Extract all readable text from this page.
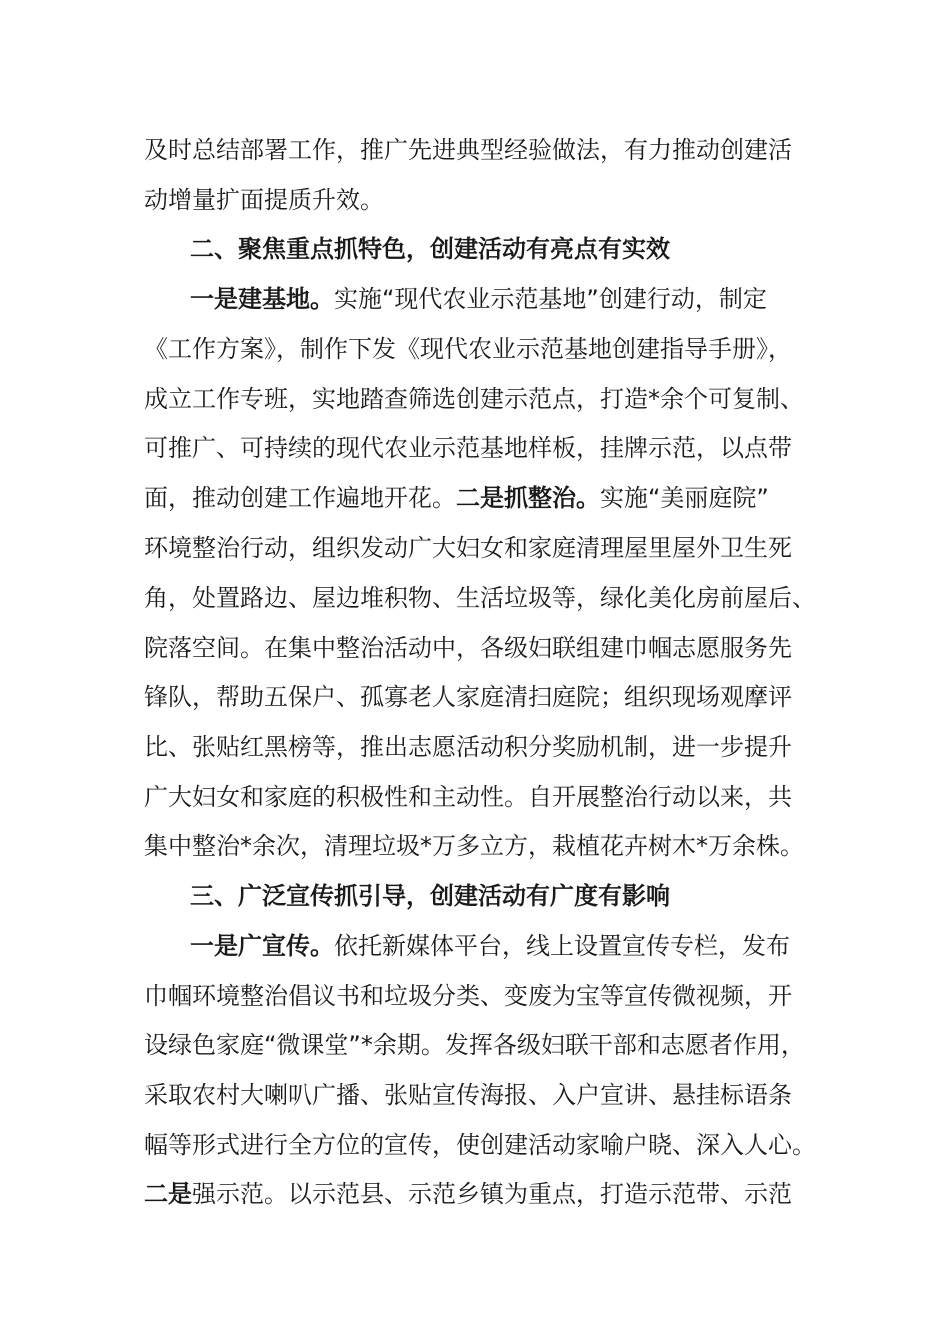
及时总结部署工作，推广先进典型经验做法，有力推动创建活

动增量扩面提质升效。

二、聚焦重点抓特色，创建活动有亮点有实效

一是建基地。实施“现代农业示范基地”创建行动，制定

《工作方案》，制作下发《现代农业示范基地创建指导手册》，

成立工作专班，实地踏查筛选创建示范点，打造*余个可复制、

可推广、可持续的现代农业示范基地样板，挂牌示范，以点带

面，推动创建工作遍地开花。二是抓整治。实施“美丽庭院”

环境整治行动，组织发动广大妇女和家庭清理屋里屋外卫生死

角，处置路边、屋边堆积物、生活垃圾等，绿化美化房前屋后、

院落空间。在集中整治活动中，各级妇联组建巾帼志愿服务先

锋队，帮助五保户、孤寡老人家庭清扫庭院；组织现场观摩评

比、张贴红黑榜等，推出志愿活动积分奖励机制，进一步提升

广大妇女和家庭的积极性和主动性。自开展整治行动以来，共

集中整治*余次，清理垃圾*万多立方，栽植花卉树木*万余株。

三、广泛宣传抓引导，创建活动有广度有影响

一是广宣传。依托新媒体平台，线上设置宣传专栏，发布

巾帼环境整治倡议书和垃圾分类、变废为宝等宣传微视频，开

设绿色家庭“微课堂”*余期。发挥各级妇联干部和志愿者作用，

采取农村大喇叭广播、张贴宣传海报、入户宣讲、悬挂标语条

幅等形式进行全方位的宣传，使创建活动家喻户晓、深入人心。

二是强示范。以示范县、示范乡镇为重点，打造示范带、示范
